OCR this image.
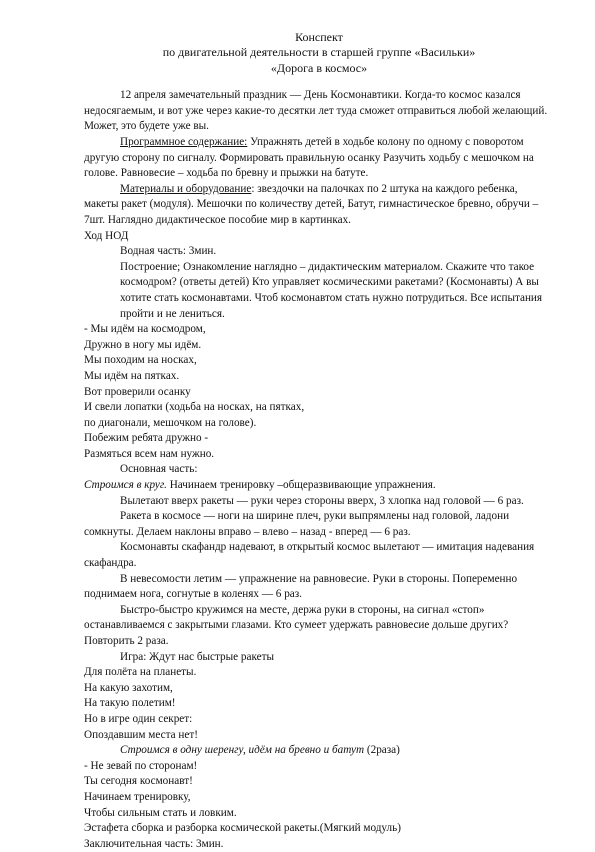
Конспект

по двигательной деятельности в старшей группе «Васильки»

«Дорога в космос»

12 апреля замечательный праздник — День Космонавтики. Когда-то космос казался недосягаемым, и вот уже через какие-то десятки лет туда сможет отправиться любой желающий. Может, это будете уже вы.

Программное содержание: Упражнять детей в ходьбе колону по одному с поворотом другую сторону по сигналу. Формировать правильную осанку Разучить ходьбу с мешочком на голове. Равновесие – ходьба по бревну и прыжки на батуте.

Материалы и оборудование: звездочки на палочках по 2 штука на каждого ребенка, макеты ракет (модуля). Мешочки по количеству детей, Батут, гимнастическое бревно, обручи – 7шт. Наглядно дидактическое пособие мир в картинках.

Ход НОД

Водная часть: 3мин.

Построение; Ознакомление наглядно – дидактическим материалом. Скажите что такое космодром? (ответы детей) Кто управляет космическими ракетами? (Космонавты) А вы хотите стать космонавтами. Чтоб космонавтом стать нужно потрудиться. Все испытания пройти и не лениться.

- Мы идём на космодром,

Дружно в ногу мы идём.

Мы походим на носках,

Мы идём на пятках.

Вот проверили осанку

И свели лопатки (ходьба на носках, на пятках,

по диагонали, мешочком на голове).

Побежим ребята дружно -

Размяться всем нам нужно.

Основная часть:

Строимся в круг. Начинаем тренировку –общеразвивающие упражнения.

Вылетают вверх ракеты — руки через стороны вверх, 3 хлопка над головой — 6 раз.

Ракета в космосе — ноги на ширине плеч, руки выпрямлены над головой, ладони сомкнуты. Делаем наклоны вправо – влево – назад - вперед — 6 раз.

Космонавты скафандр надевают, в открытый космос вылетают — имитация надевания скафандра.

В невесомости летим — упражнение на равновесие. Руки в стороны. Попеременно поднимаем нога, согнутые в коленях — 6 раз.

Быстро-быстро кружимся на месте, держа руки в стороны, на сигнал «стоп» останавливаемся с закрытыми глазами. Кто сумеет удержать равновесие дольше других? Повторить 2 раза.

Игра: Ждут нас быстрые ракеты

Для полёта на планеты.

На какую захотим,

На такую полетим!

Но в игре один секрет:

Опоздавшим места нет!

Строимся в одну шеренгу, идём на бревно и батут (2раза)

- Не зевай по сторонам!

Ты сегодня космонавт!

Начинаем тренировку,

Чтобы сильным стать и ловким.

Эстафета сборка и разборка космической ракеты.(Мягкий модуль)

Заключительная часть: 3мин.
